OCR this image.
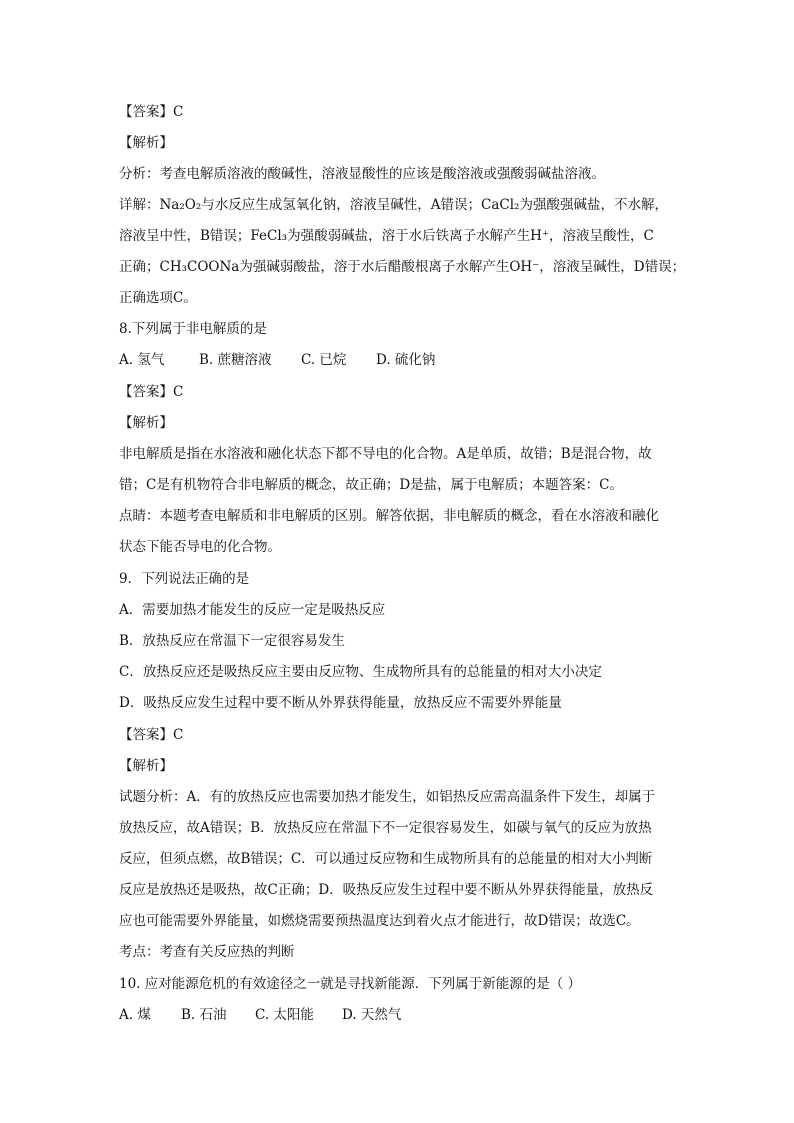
【答案】C
【解析】
分析：考查电解质溶液的酸碱性，溶液显酸性的应该是酸溶液或强酸弱碱盐溶液。
详解：Na₂O₂与水反应生成氢氧化钠，溶液呈碱性，A错误；CaCl₂为强酸强碱盐，不水解，
溶液呈中性，B错误；FeCl₃为强酸弱碱盐，溶于水后铁离子水解产生H⁺，溶液呈酸性，C
正确；CH₃COONa为强碱弱酸盐，溶于水后醋酸根离子水解产生OH⁻，溶液呈碱性，D错误；
正确选项C。
8.下列属于非电解质的是
A. 氢气	B. 蔗糖溶液 C. 已烷 D. 硫化钠
【答案】C
【解析】
非电解质是指在水溶液和融化状态下都不导电的化合物。A是单质，故错；B是混合物，故
错；C是有机物符合非电解质的概念，故正确；D是盐，属于电解质；本题答案：C。
点睛：本题考查电解质和非电解质的区别。解答依据，非电解质的概念，看在水溶液和融化
状态下能否导电的化合物。
9．下列说法正确的是
A．需要加热才能发生的反应一定是吸热反应
B．放热反应在常温下一定很容易发生
C．放热反应还是吸热反应主要由反应物、生成物所具有的总能量的相对大小决定
D．吸热反应发生过程中要不断从外界获得能量，放热反应不需要外界能量
【答案】C
【解析】
试题分析：A．有的放热反应也需要加热才能发生，如铝热反应需高温条件下发生，却属于
放热反应，故A错误；B．放热反应在常温下不一定很容易发生，如碳与氧气的反应为放热
反应，但须点燃，故B错误；C．可以通过反应物和生成物所具有的总能量的相对大小判断
反应是放热还是吸热，故C正确；D．吸热反应发生过程中要不断从外界获得能量，放热反
应也可能需要外界能量，如燃烧需要预热温度达到着火点才能进行，故D错误；故选C。
考点：考查有关反应热的判断
10. 应对能源危机的有效途径之一就是寻找新能源．下列属于新能源的是（ ）
A. 煤 B. 石油 C. 太阳能 D. 天然气
